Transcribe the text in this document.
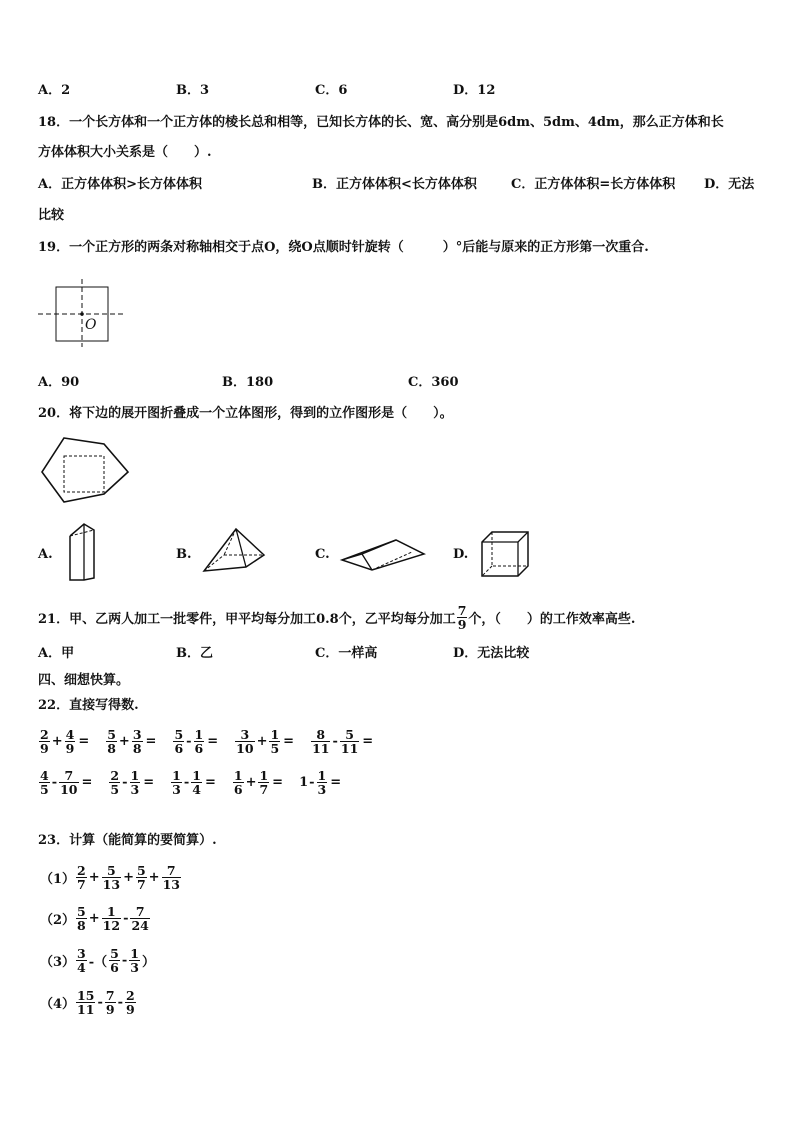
A．2	B．3	C．6	D．12
18．一个长方体和一个正方体的棱长总和相等，已知长方体的长、宽、高分别是6dm、5dm、4dm，那么正方体和长
方体体积大小关系是（　　）.
A．正方体体积>长方体体积	B．正方体体积<长方体体积	C．正方体体积=长方体体积 D．无法
比较
19．一个正方形的两条对称轴相交于点O，绕O点顺时针旋转（　　　）°后能与原来的正方形第一次重合.
O
A．90	B．180	C．360
20．将下边的展开图折叠成一个立体图形，得到的立作图形是（　　）。
A.	B.	C.	D.
21．甲、乙两人加工一批零件，甲平均每分加工0.8个，乙平均每分加工 $\frac{7}{9}$ 个，（　　）的工作效率高些.
A．甲	B．乙	C．一样高	D．无法比较
四、细想快算。
22．直接写得数.
$\frac{2}{9} + \frac{4}{9} = \frac{5}{8} + \frac{3}{8} = \frac{5}{6} - \frac{1}{6} = \frac{3}{10} + \frac{1}{5} = \frac{8}{11} - \frac{5}{11}$ =
$\frac{4}{5} - \frac{7}{10} = \frac{2}{5} - \frac{1}{3} = \frac{1}{3} - \frac{1}{4} = \frac{1}{6} + \frac{1}{7} = 1 - \frac{1}{3}$ =
23．计算（能简算的要简算）.
（1）
2
$7 + \frac{5}{13} + \frac{5}{7} + \frac{7}{13}$
（2）
5
$8 + \frac{1}{12} - 7$
24
（3）
3
4 -（
5
6 - 1
3 ）
（4）
15
11 - 7
9 - 2
9
